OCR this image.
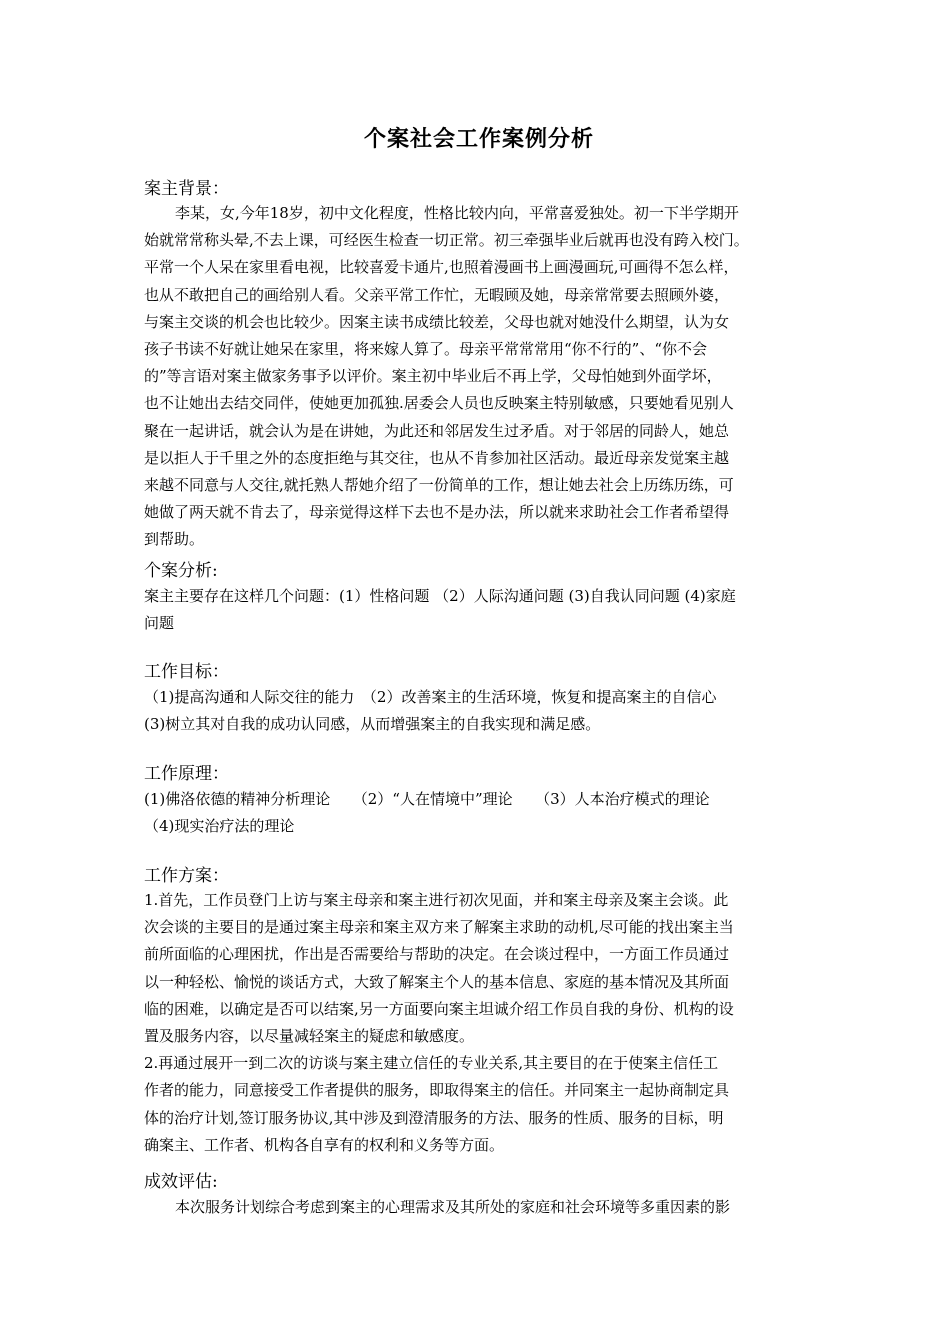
个案社会工作案例分析
案主背景：
李某，女,今年18岁，初中文化程度，性格比较内向，平常喜爱独处。初一下半学期开
始就常常称头晕,不去上课，可经医生检查一切正常。初三牵强毕业后就再也没有跨入校门。
平常一个人呆在家里看电视，比较喜爱卡通片,也照着漫画书上画漫画玩,可画得不怎么样，
也从不敢把自己的画给别人看。父亲平常工作忙，无暇顾及她，母亲常常要去照顾外婆，
与案主交谈的机会也比较少。因案主读书成绩比较差，父母也就对她没什么期望，认为女
孩子书读不好就让她呆在家里，将来嫁人算了。母亲平常常常用“你不行的”、“你不会
的”等言语对案主做家务事予以评价。案主初中毕业后不再上学，父母怕她到外面学坏，
也不让她出去结交同伴，使她更加孤独.居委会人员也反映案主特别敏感，只要她看见别人
聚在一起讲话，就会认为是在讲她，为此还和邻居发生过矛盾。对于邻居的同龄人，她总
是以拒人于千里之外的态度拒绝与其交往，也从不肯参加社区活动。最近母亲发觉案主越
来越不同意与人交往,就托熟人帮她介绍了一份简单的工作，想让她去社会上历练历练，可
她做了两天就不肯去了，母亲觉得这样下去也不是办法，所以就来求助社会工作者希望得
到帮助。
个案分析:
案主主要存在这样几个问题：(1）性格问题 （2）人际沟通问题 (3)自我认同问题 (4)家庭
问题
工作目标：
（1)提高沟通和人际交往的能力　（2）改善案主的生活环境，恢复和提高案主的自信心
(3)树立其对自我的成功认同感，从而增强案主的自我实现和满足感。
工作原理：
(1)佛洛依德的精神分析理论　　（2）“人在情境中”理论　　（3）人本治疗模式的理论
（4)现实治疗法的理论
工作方案：
1.首先，工作员登门上访与案主母亲和案主进行初次见面，并和案主母亲及案主会谈。此
次会谈的主要目的是通过案主母亲和案主双方来了解案主求助的动机,尽可能的找出案主当
前所面临的心理困扰，作出是否需要给与帮助的决定。在会谈过程中，一方面工作员通过
以一种轻松、愉悦的谈话方式，大致了解案主个人的基本信息、家庭的基本情况及其所面
临的困难，以确定是否可以结案,另一方面要向案主坦诚介绍工作员自我的身份、机构的设
置及服务内容，以尽量减轻案主的疑虑和敏感度。
2.再通过展开一到二次的访谈与案主建立信任的专业关系,其主要目的在于使案主信任工
作者的能力，同意接受工作者提供的服务，即取得案主的信任。并同案主一起协商制定具
体的治疗计划,签订服务协议,其中涉及到澄清服务的方法、服务的性质、服务的目标，明
确案主、工作者、机构各自享有的权利和义务等方面。
成效评估:
本次服务计划综合考虑到案主的心理需求及其所处的家庭和社会环境等多重因素的影
